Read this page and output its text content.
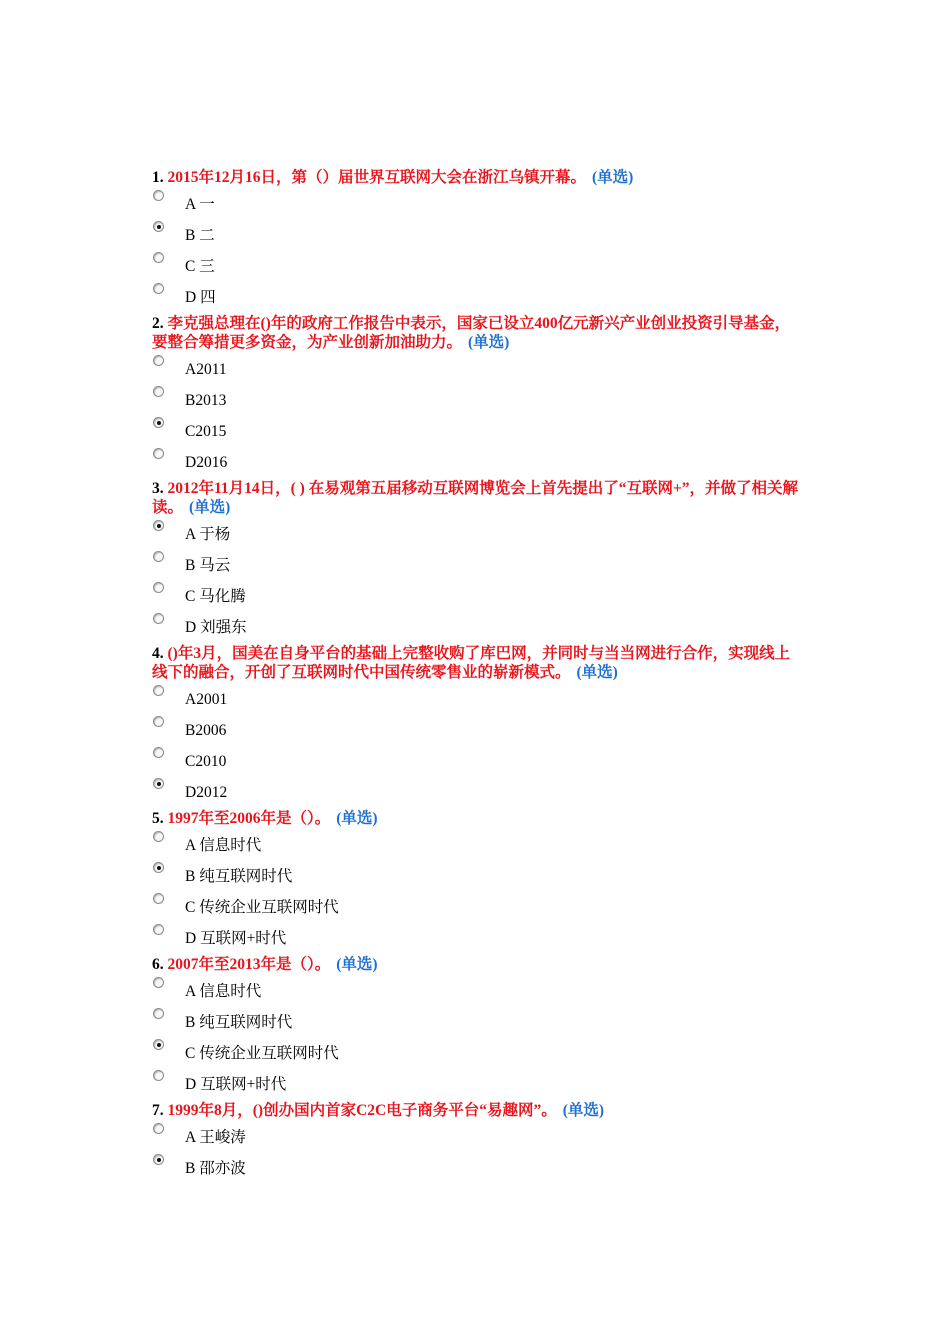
1. 2015年12月16日，第（）届世界互联网大会在浙江乌镇开幕。 (单选)
A 一
B 二
C 三
D 四
2. 李克强总理在()年的政府工作报告中表示，国家已设立400亿元新兴产业创业投资引导基金，要整合筹措更多资金，为产业创新加油助力。 (单选)
A2011
B2013
C2015
D2016
3. 2012年11月14日，( ) 在易观第五届移动互联网博览会上首先提出了“互联网+”，并做了相关解读。 (单选)
A 于杨
B 马云
C 马化腾
D 刘强东
4. ()年3月，国美在自身平台的基础上完整收购了库巴网，并同时与当当网进行合作，实现线上线下的融合，开创了互联网时代中国传统零售业的崭新模式。 (单选)
A2001
B2006
C2010
D2012
5. 1997年至2006年是（）。 (单选)
A 信息时代
B 纯互联网时代
C 传统企业互联网时代
D 互联网+时代
6. 2007年至2013年是（）。 (单选)
A 信息时代
B 纯互联网时代
C 传统企业互联网时代
D 互联网+时代
7. 1999年8月，()创办国内首家C2C电子商务平台“易趣网”。 (单选)
A 王峻涛
B 邵亦波
